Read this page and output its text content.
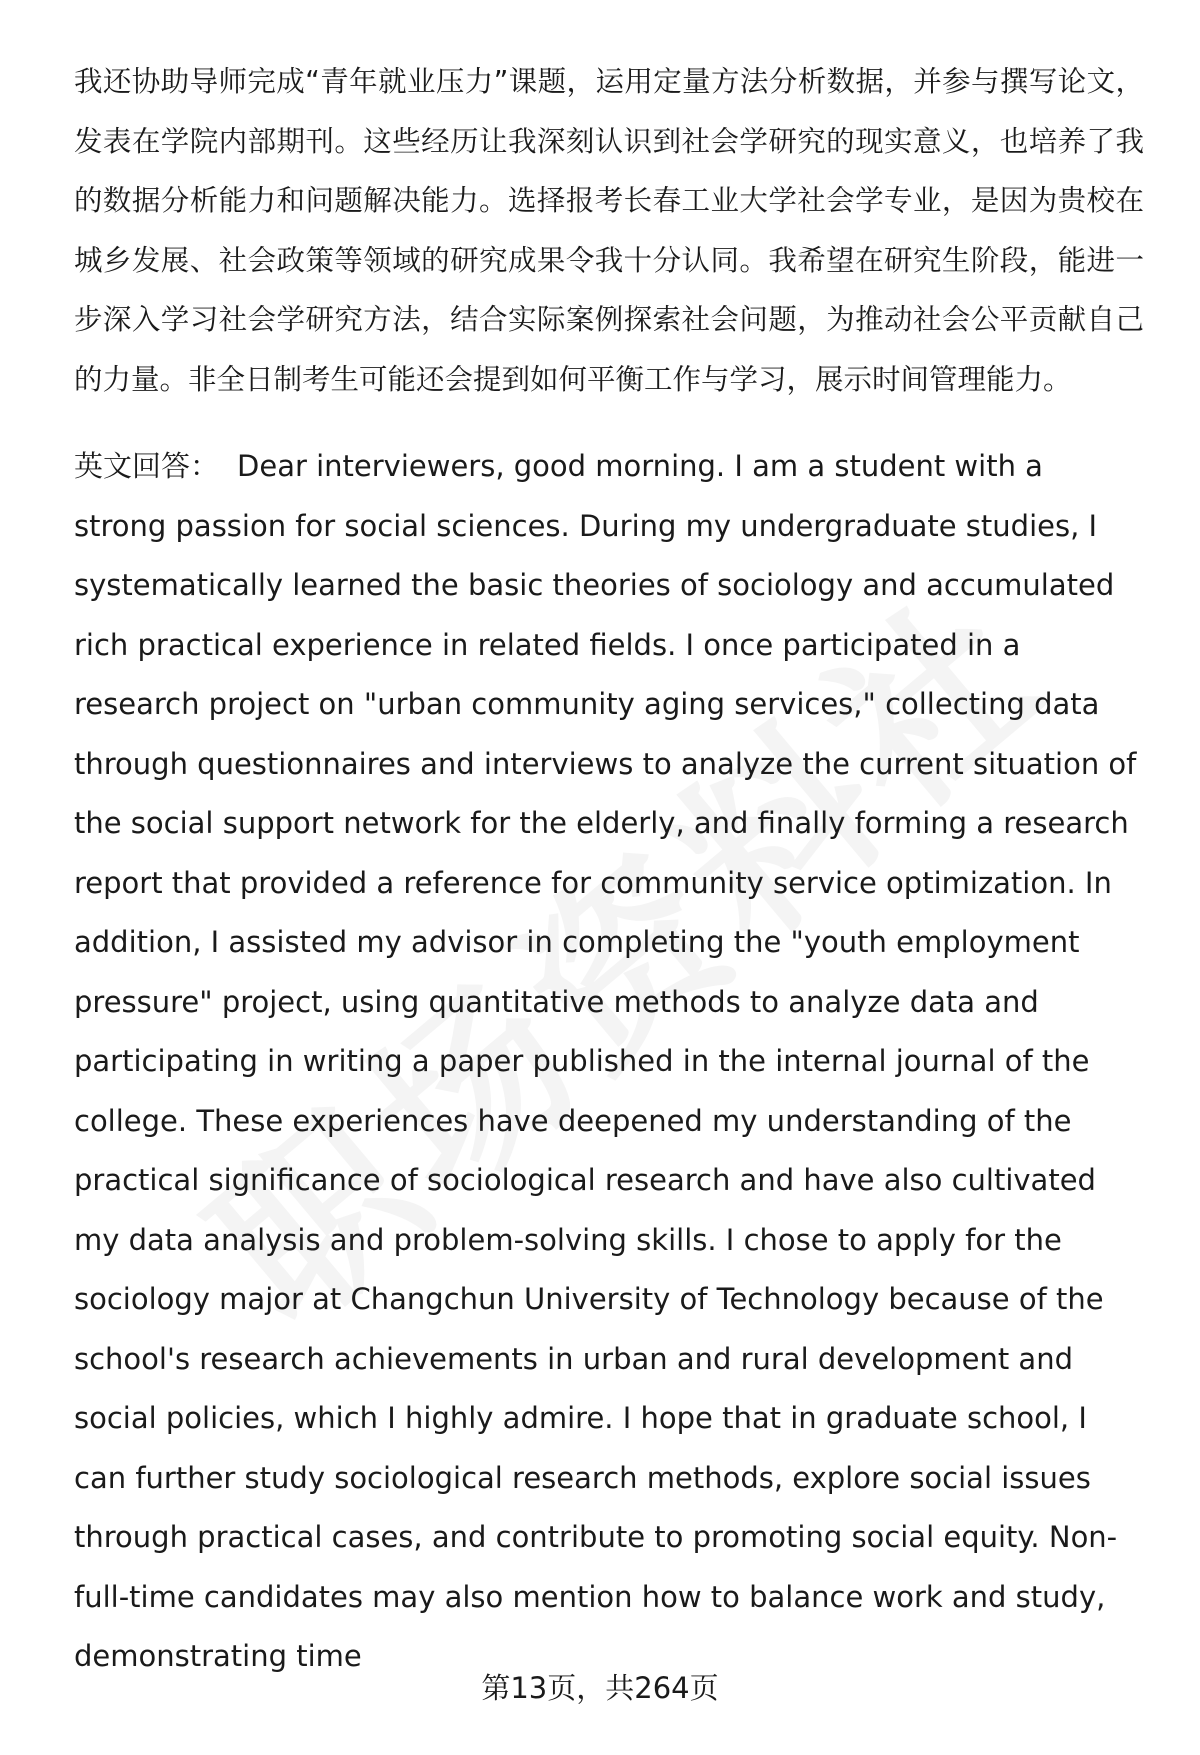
我还协助导师完成“青年就业压力”课题，运用定量方法分析数据，并参与撰写论文，发表在学院内部期刊。这些经历让我深刻认识到社会学研究的现实意义，也培养了我的数据分析能力和问题解决能力。选择报考长春工业大学社会学专业，是因为贵校在城乡发展、社会政策等领域的研究成果令我十分认同。我希望在研究生阶段，能进一步深入学习社会学研究方法，结合实际案例探索社会问题，为推动社会公平贡献自己的力量。非全日制考生可能还会提到如何平衡工作与学习，展示时间管理能力。

英文回答： Dear interviewers, good morning. I am a student with a strong passion for social sciences. During my undergraduate studies, I systematically learned the basic theories of sociology and accumulated rich practical experience in related fields. I once participated in a research project on "urban community aging services," collecting data through questionnaires and interviews to analyze the current situation of the social support network for the elderly, and finally forming a research report that provided a reference for community service optimization. In addition, I assisted my advisor in completing the "youth employment pressure" project, using quantitative methods to analyze data and participating in writing a paper published in the internal journal of the college. These experiences have deepened my understanding of the practical significance of sociological research and have also cultivated my data analysis and problem-solving skills. I chose to apply for the sociology major at Changchun University of Technology because of the school's research achievements in urban and rural development and social policies, which I highly admire. I hope that in graduate school, I can further study sociological research methods, explore social issues through practical cases, and contribute to promoting social equity. Non-full-time candidates may also mention how to balance work and study, demonstrating time

第13页，共264页
